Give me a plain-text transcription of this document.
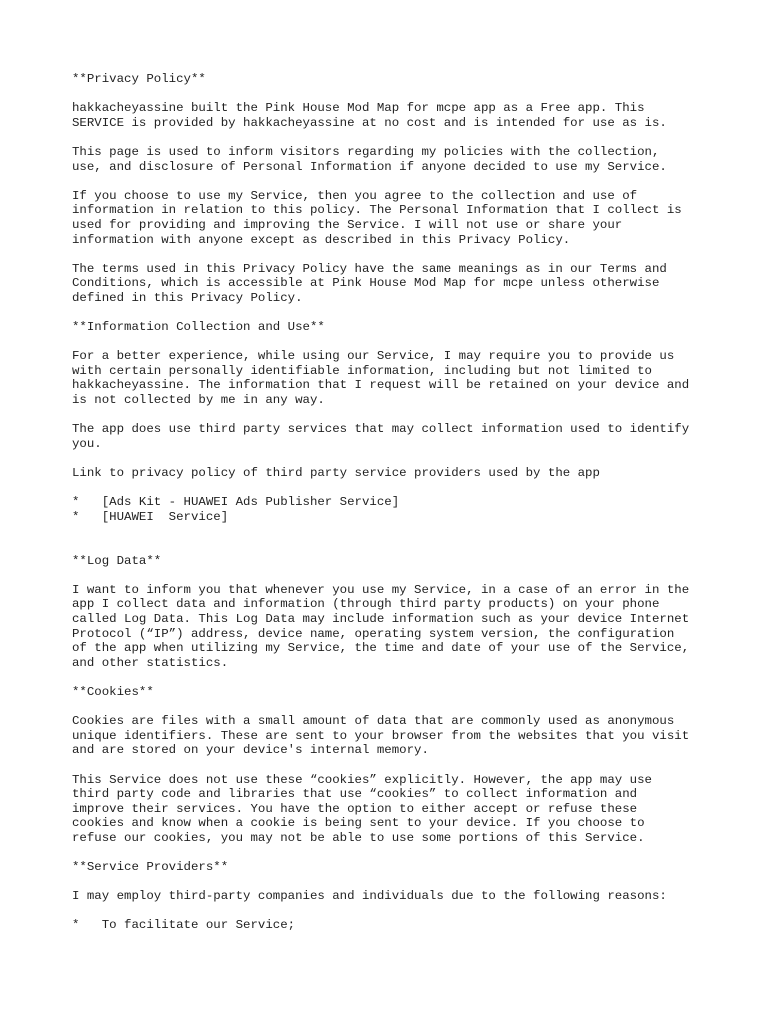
**Privacy Policy**
hakkacheyassine built the Pink House Mod Map for mcpe app as a Free app. This
SERVICE is provided by hakkacheyassine at no cost and is intended for use as is.
This page is used to inform visitors regarding my policies with the collection,
use, and disclosure of Personal Information if anyone decided to use my Service.
If you choose to use my Service, then you agree to the collection and use of
information in relation to this policy. The Personal Information that I collect is
used for providing and improving the Service. I will not use or share your
information with anyone except as described in this Privacy Policy.
The terms used in this Privacy Policy have the same meanings as in our Terms and
Conditions, which is accessible at Pink House Mod Map for mcpe unless otherwise
defined in this Privacy Policy.
**Information Collection and Use**
For a better experience, while using our Service, I may require you to provide us
with certain personally identifiable information, including but not limited to
hakkacheyassine. The information that I request will be retained on your device and
is not collected by me in any way.
The app does use third party services that may collect information used to identify
you.
Link to privacy policy of third party service providers used by the app
*   [Ads Kit - HUAWEI Ads Publisher Service]
*   [HUAWEI  Service]
**Log Data**
I want to inform you that whenever you use my Service, in a case of an error in the
app I collect data and information (through third party products) on your phone
called Log Data. This Log Data may include information such as your device Internet
Protocol (“IP”) address, device name, operating system version, the configuration
of the app when utilizing my Service, the time and date of your use of the Service,
and other statistics.
**Cookies**
Cookies are files with a small amount of data that are commonly used as anonymous
unique identifiers. These are sent to your browser from the websites that you visit
and are stored on your device's internal memory.
This Service does not use these “cookies” explicitly. However, the app may use
third party code and libraries that use “cookies” to collect information and
improve their services. You have the option to either accept or refuse these
cookies and know when a cookie is being sent to your device. If you choose to
refuse our cookies, you may not be able to use some portions of this Service.
**Service Providers**
I may employ third-party companies and individuals due to the following reasons:
*   To facilitate our Service;
